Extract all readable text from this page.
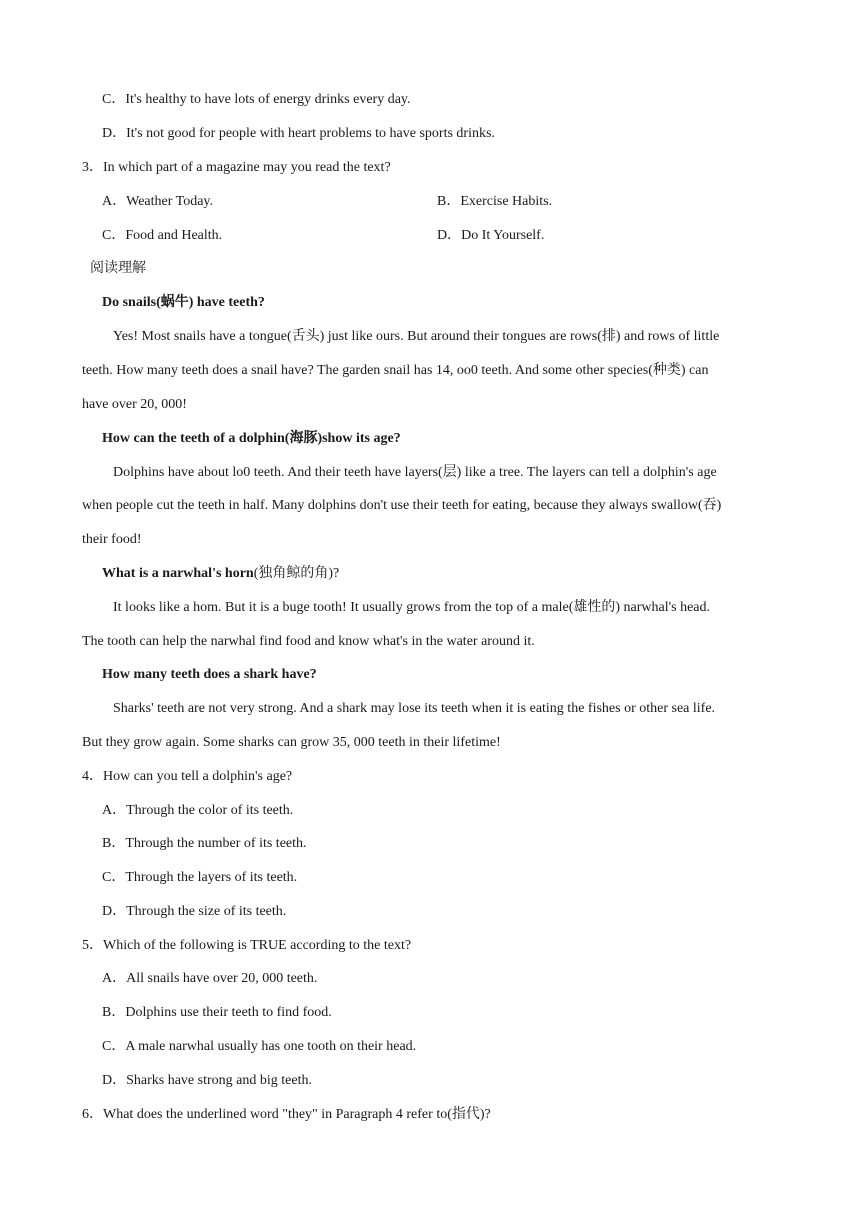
C．It's healthy to have lots of energy drinks every day.
D．It's not good for people with heart problems to have sports drinks.
3．In which part of a magazine may you read the text?
A．Weather Today.	B．Exercise Habits.
C．Food and Health.	D．Do It Yourself.
阅读理解
Do snails(蜗牛) have teeth?
Yes! Most snails have a tongue(舌头) just like ours. But around their tongues are rows(排) and rows of little
teeth. How many teeth does a snail have? The garden snail has 14, oo0 teeth. And some other species(种类) can
have over 20, 000!
How can the teeth of a dolphin(海豚)show its age?
Dolphins have about lo0 teeth. And their teeth have layers(层) like a tree. The layers can tell a dolphin's age
when people cut the teeth in half. Many dolphins don't use their teeth for eating, because they always swallow(吞)
their food!
What is a narwhal's horn(独角鲸的角)?
It looks like a hom. But it is a buge tooth! It usually grows from the top of a male(雄性的) narwhal's head.
The tooth can help the narwhal find food and know what's in the water around it.
How many teeth does a shark have?
Sharks' teeth are not very strong. And a shark may lose its teeth when it is eating the fishes or other sea life.
But they grow again. Some sharks can grow 35, 000 teeth in their lifetime!
4．How can you tell a dolphin's age?
A．Through the color of its teeth.
B．Through the number of its teeth.
C．Through the layers of its teeth.
D．Through the size of its teeth.
5．Which of the following is TRUE according to the text?
A．All snails have over 20, 000 teeth.
B．Dolphins use their teeth to find food.
C．A male narwhal usually has one tooth on their head.
D．Sharks have strong and big teeth.
6．What does the underlined word "they" in Paragraph 4 refer to(指代)?
